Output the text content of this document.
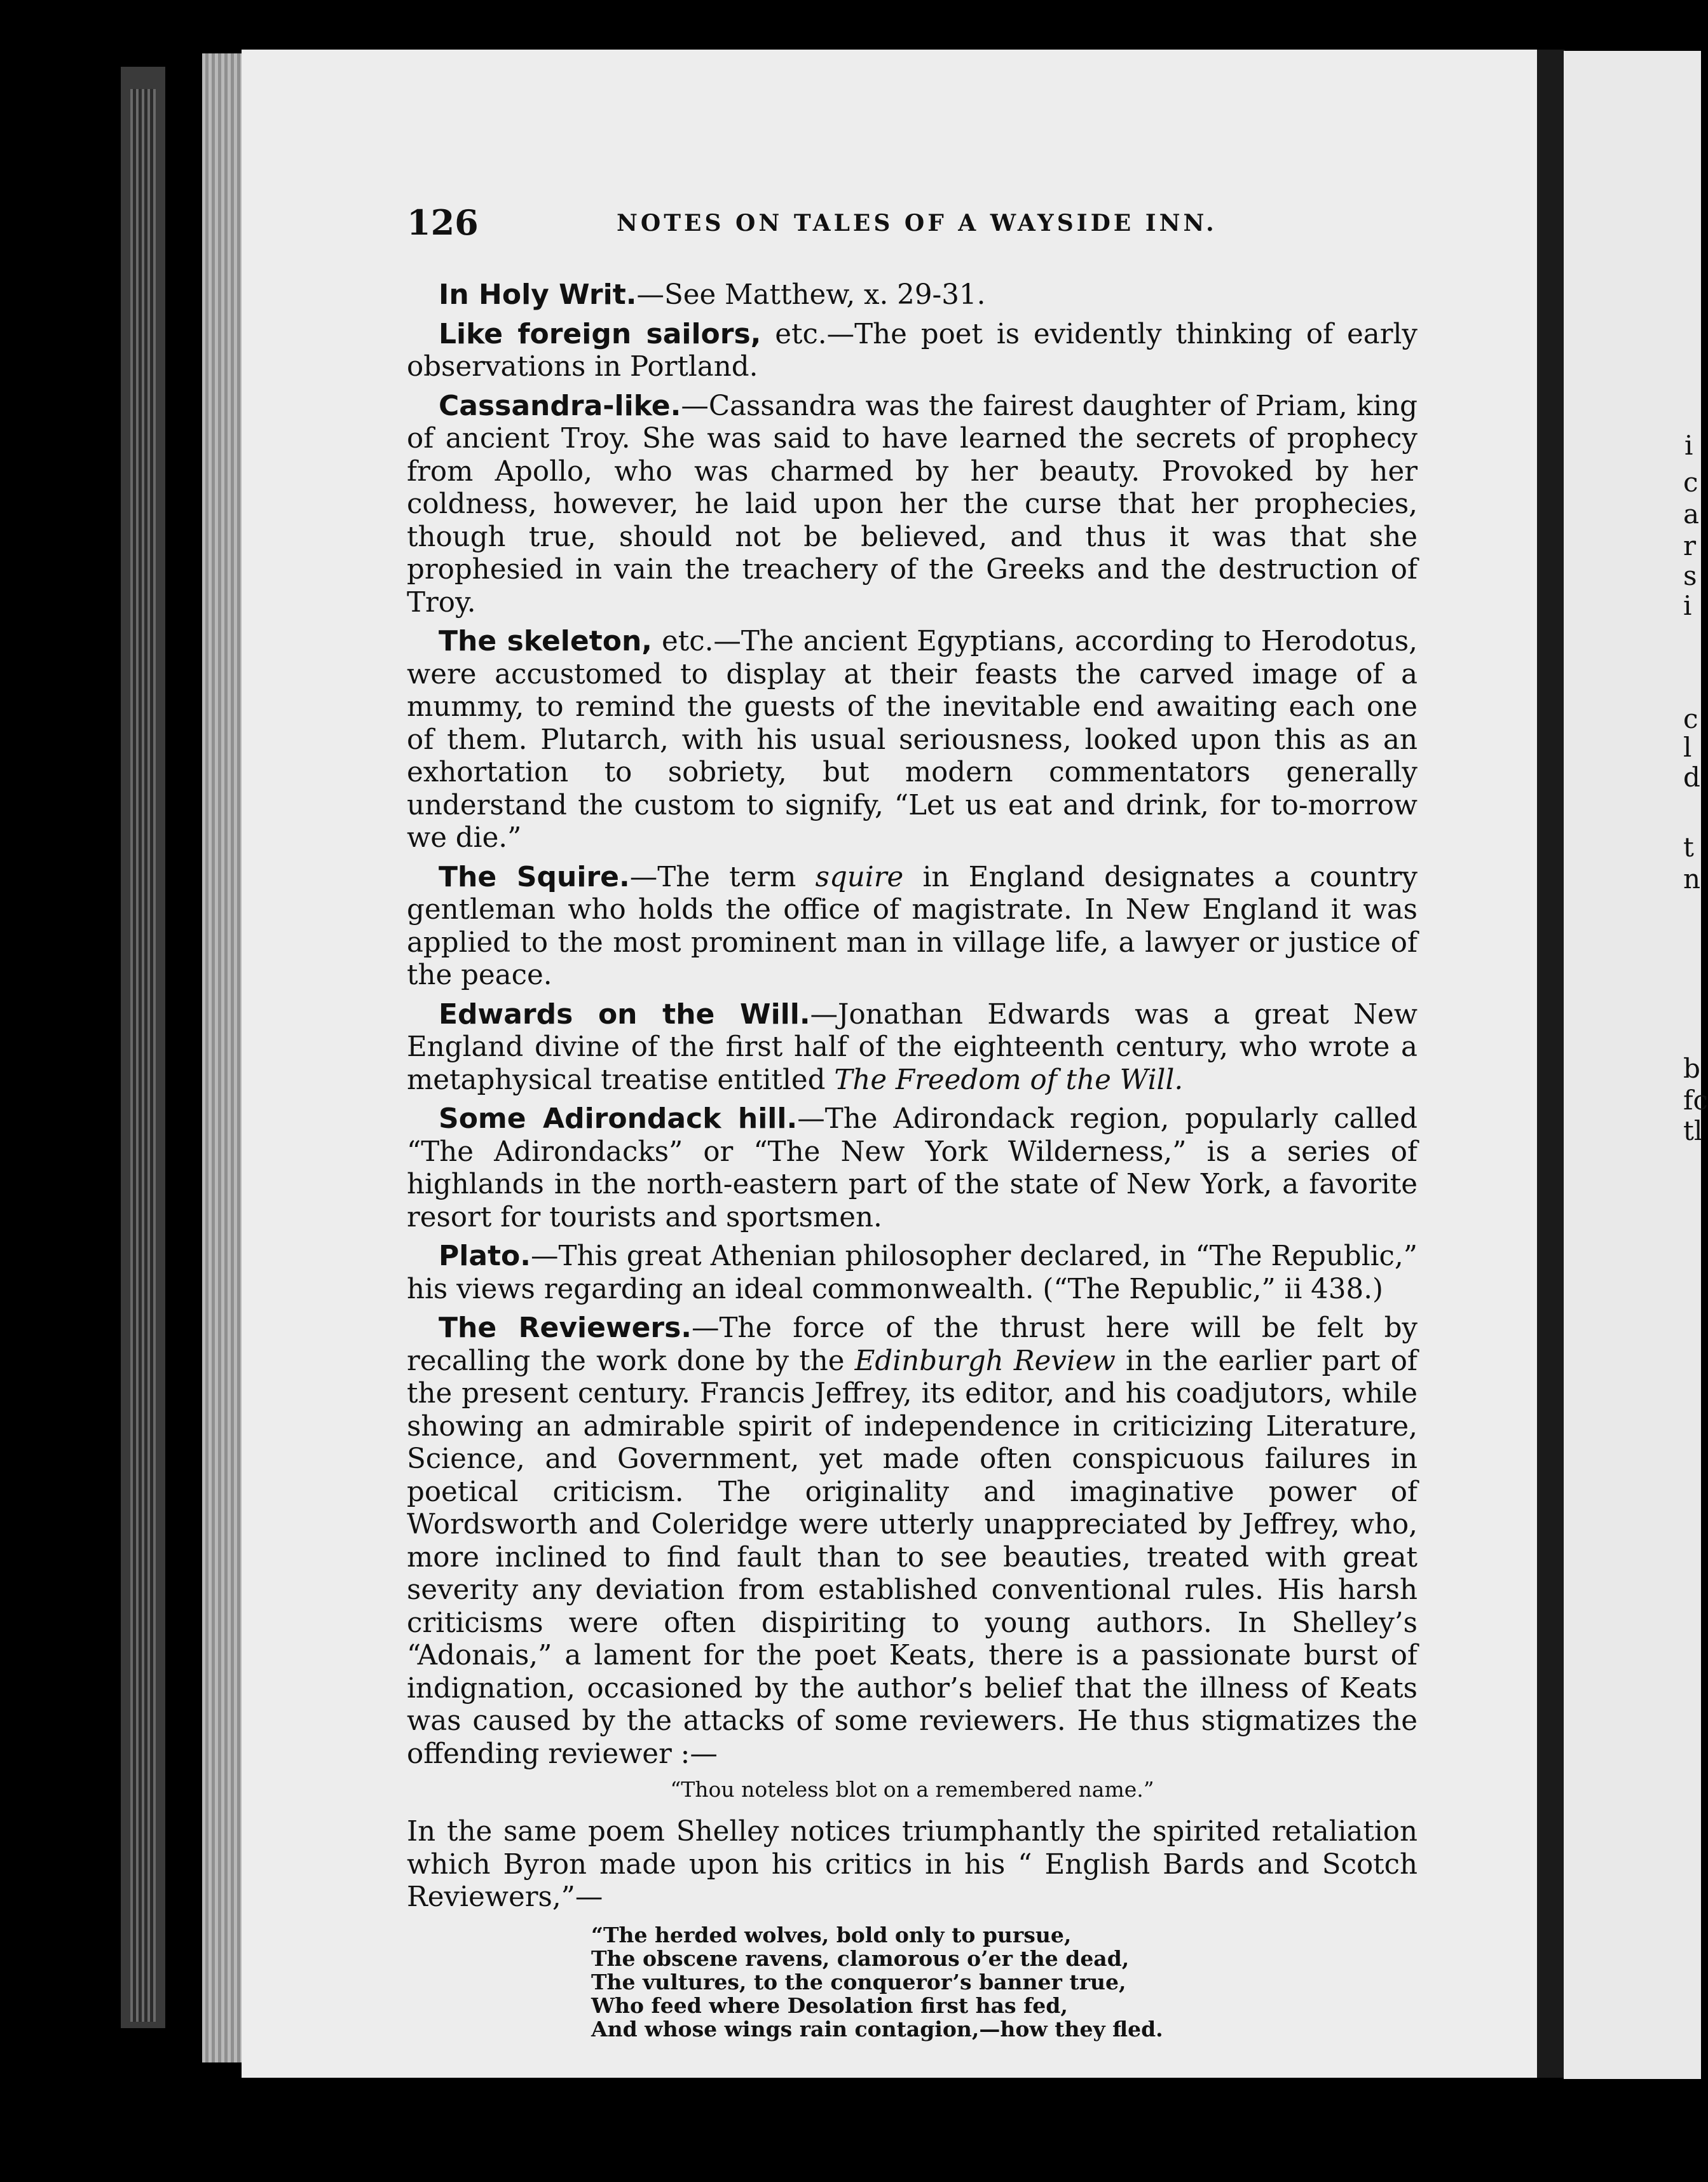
i
c
a
r
s
i
c
l
d
t
n
b
fc
tl
126	NOTES ON TALES OF A WAYSIDE INN.

In Holy Writ.—See Matthew, x. 29-31.

Like foreign sailors, etc.—The poet is evidently thinking of early observations in Portland.

Cassandra-like.—Cassandra was the fairest daughter of Priam, king of ancient Troy. She was said to have learned the secrets of prophecy from Apollo, who was charmed by her beauty. Provoked by her coldness, however, he laid upon her the curse that her prophecies, though true, should not be believed, and thus it was that she prophesied in vain the treachery of the Greeks and the destruction of Troy.

The skeleton, etc.—The ancient Egyptians, according to Herodotus, were accustomed to display at their feasts the carved image of a mummy, to remind the guests of the inevitable end awaiting each one of them. Plutarch, with his usual seriousness, looked upon this as an exhortation to sobriety, but modern commentators generally understand the custom to signify, “Let us eat and drink, for to-morrow we die.”

The Squire.—The term squire in England designates a country gentleman who holds the office of magistrate. In New England it was applied to the most prominent man in village life, a lawyer or justice of the peace.

Edwards on the Will.—Jonathan Edwards was a great New England divine of the first half of the eighteenth century, who wrote a metaphysical treatise entitled The Freedom of the Will.

Some Adirondack hill.—The Adirondack region, popularly called “The Adirondacks” or “The New York Wilderness,” is a series of highlands in the north-eastern part of the state of New York, a favorite resort for tourists and sportsmen.

Plato.—This great Athenian philosopher declared, in “The Republic,” his views regarding an ideal commonwealth. (“The Republic,” ii 438.)

The Reviewers.—The force of the thrust here will be felt by recalling the work done by the Edinburgh Review in the earlier part of the present century. Francis Jeffrey, its editor, and his coadjutors, while showing an admirable spirit of independence in criticizing Literature, Science, and Government, yet made often conspicuous failures in poetical criticism. The originality and imaginative power of Wordsworth and Coleridge were utterly unappreciated by Jeffrey, who, more inclined to find fault than to see beauties, treated with great severity any deviation from established conventional rules. His harsh criticisms were often dispiriting to young authors. In Shelley’s “Adonais,” a lament for the poet Keats, there is a passionate burst of indignation, occasioned by the author’s belief that the illness of Keats was caused by the attacks of some reviewers. He thus stigmatizes the offending reviewer :—

“Thou noteless blot on a remembered name.”

In the same poem Shelley notices triumphantly the spirited retaliation which Byron made upon his critics in his “ English Bards and Scotch Reviewers,”—

“The herded wolves, bold only to pursue,
The obscene ravens, clamorous o’er the dead,
The vultures, to the conqueror’s banner true,
Who feed where Desolation first has fed,
And whose wings rain contagion,—how they fled.
